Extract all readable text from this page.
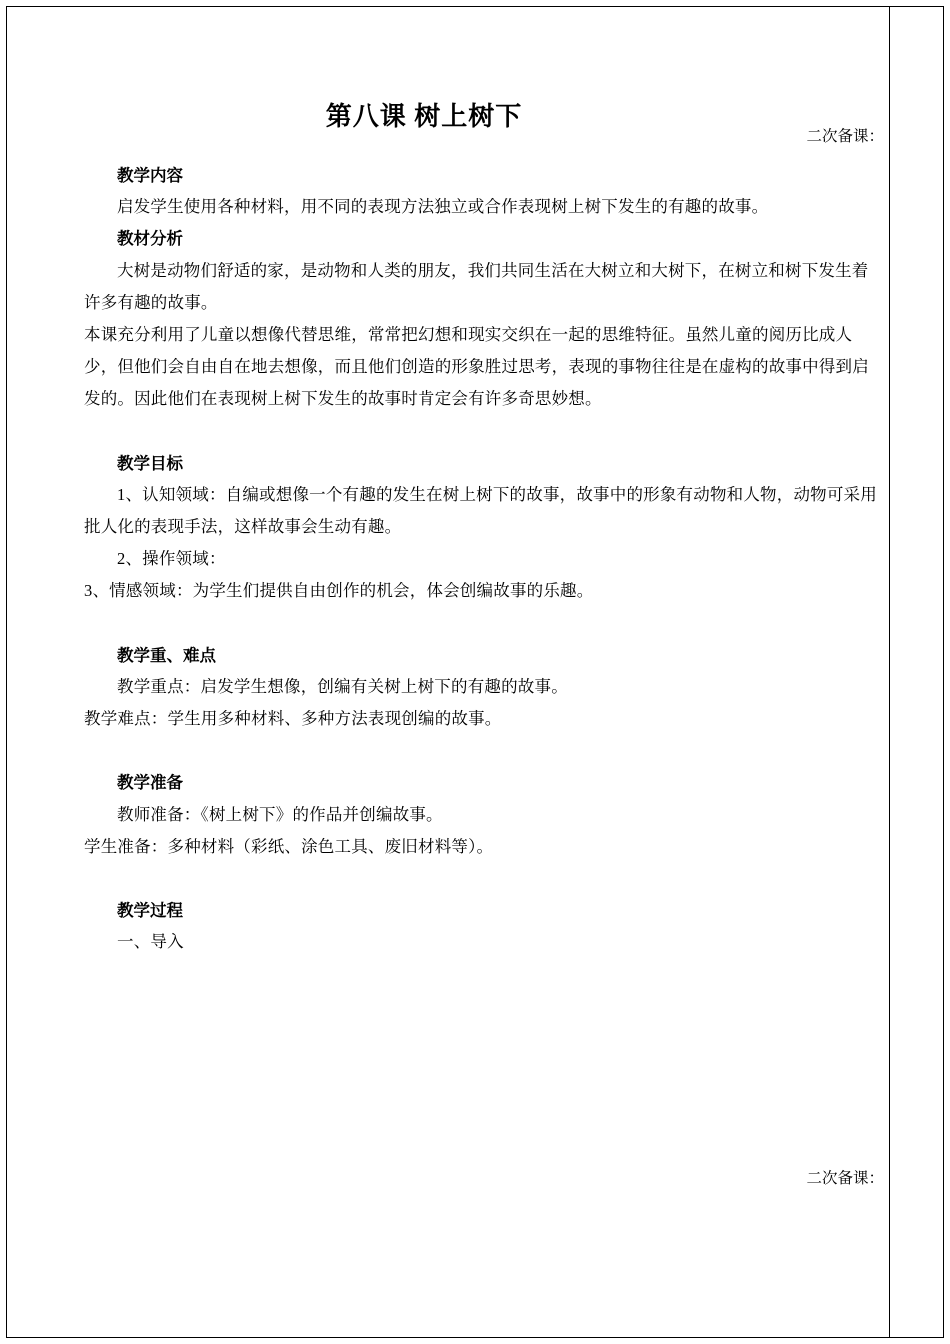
二次备课：
二次备课：
第八课 树上树下
教学内容

启发学生使用各种材料，用不同的表现方法独立或合作表现树上树下发生的有趣的故事。

教材分析

大树是动物们舒适的家，是动物和人类的朋友，我们共同生活在大树立和大树下，在树立和树下发生着许多有趣的故事。

本课充分利用了儿童以想像代替思维，常常把幻想和现实交织在一起的思维特征。虽然儿童的阅历比成人少，但他们会自由自在地去想像，而且他们创造的形象胜过思考，表现的事物往往是在虚构的故事中得到启发的。因此他们在表现树上树下发生的故事时肯定会有许多奇思妙想。

教学目标

1、认知领域：自编或想像一个有趣的发生在树上树下的故事，故事中的形象有动物和人物，动物可采用批人化的表现手法，这样故事会生动有趣。

2、操作领域：

3、情感领域：为学生们提供自由创作的机会，体会创编故事的乐趣。

教学重、难点

教学重点：启发学生想像，创编有关树上树下的有趣的故事。

教学难点：学生用多种材料、多种方法表现创编的故事。

教学准备

教师准备：《树上树下》的作品并创编故事。

学生准备：多种材料（彩纸、涂色工具、废旧材料等）。

教学过程

一、导入
